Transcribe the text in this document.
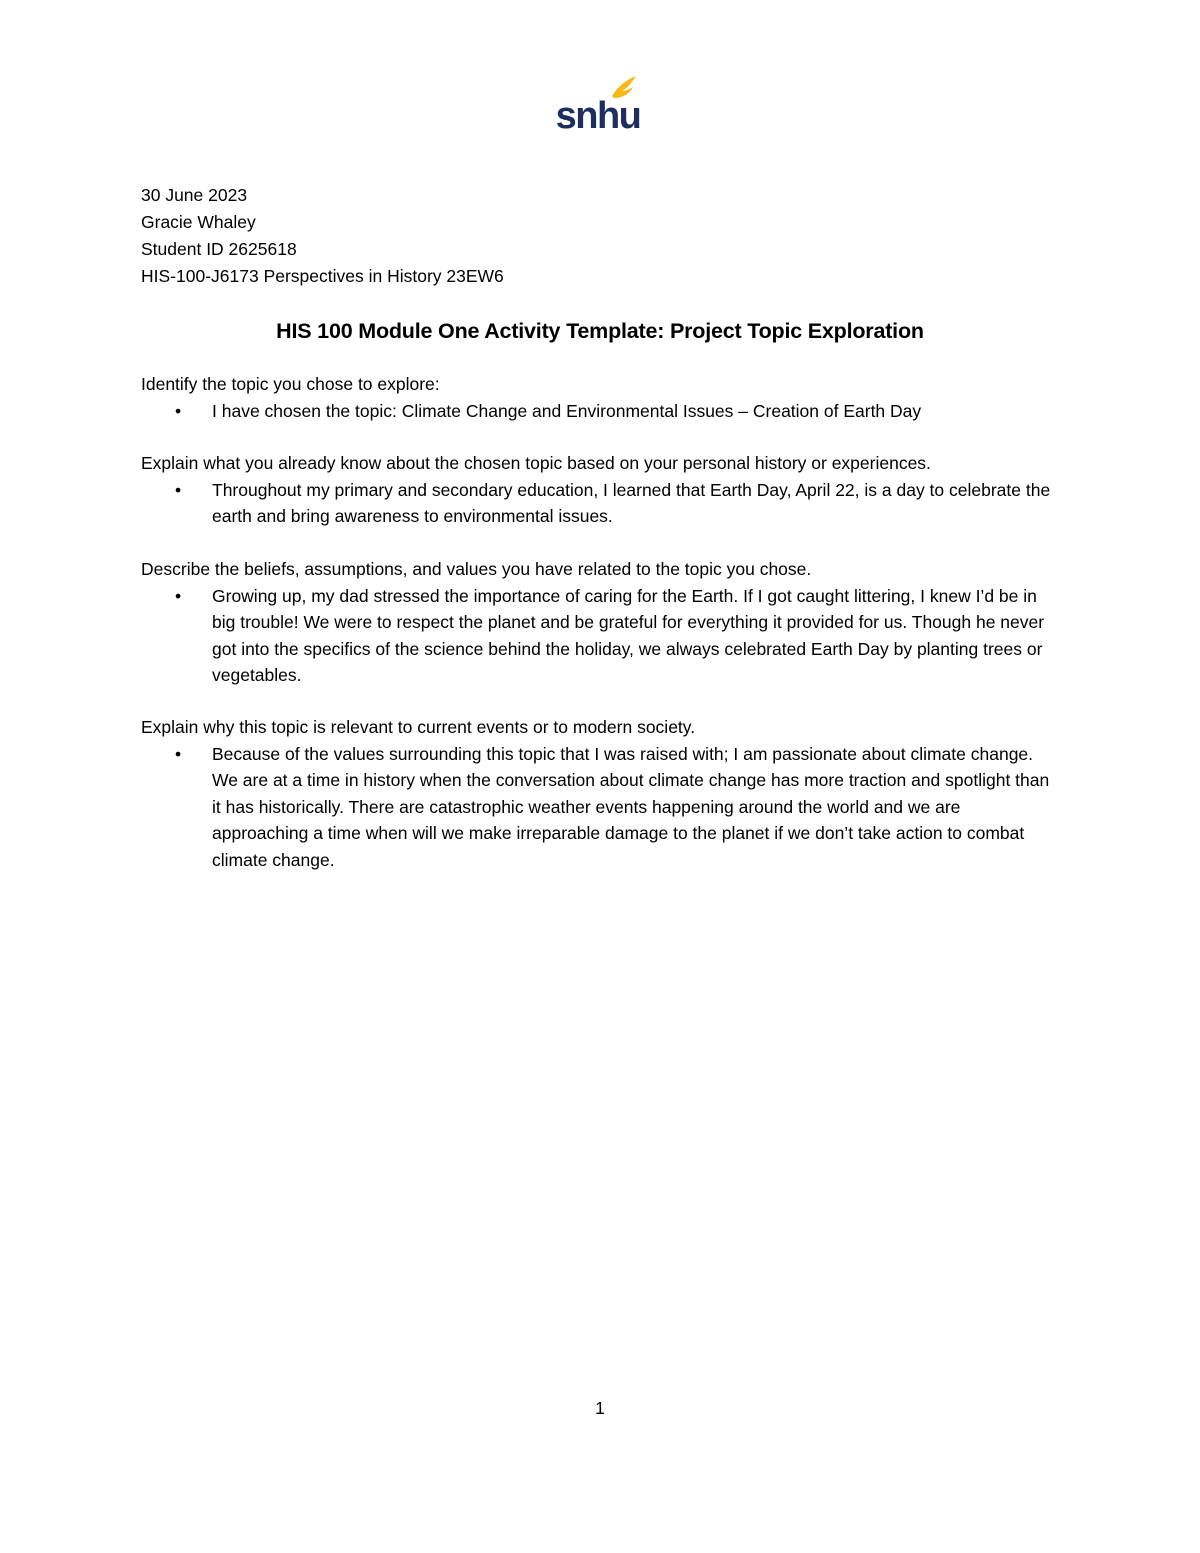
snhu
30 June 2023
Gracie Whaley
Student ID 2625618
HIS-100-J6173 Perspectives in History 23EW6
HIS 100 Module One Activity Template: Project Topic Exploration
Identify the topic you chose to explore:
• I have chosen the topic: Climate Change and Environmental Issues – Creation of Earth Day
Explain what you already know about the chosen topic based on your personal history or experiences.
• Throughout my primary and secondary education, I learned that Earth Day, April 22, is a day to celebrate the earth and bring awareness to environmental issues.
Describe the beliefs, assumptions, and values you have related to the topic you chose.
• Growing up, my dad stressed the importance of caring for the Earth. If I got caught littering, I knew I’d be in big trouble! We were to respect the planet and be grateful for everything it provided for us. Though he never got into the specifics of the science behind the holiday, we always celebrated Earth Day by planting trees or vegetables.
Explain why this topic is relevant to current events or to modern society.
• Because of the values surrounding this topic that I was raised with; I am passionate about climate change. We are at a time in history when the conversation about climate change has more traction and spotlight than it has historically. There are catastrophic weather events happening around the world and we are approaching a time when will we make irreparable damage to the planet if we don’t take action to combat climate change.
1
